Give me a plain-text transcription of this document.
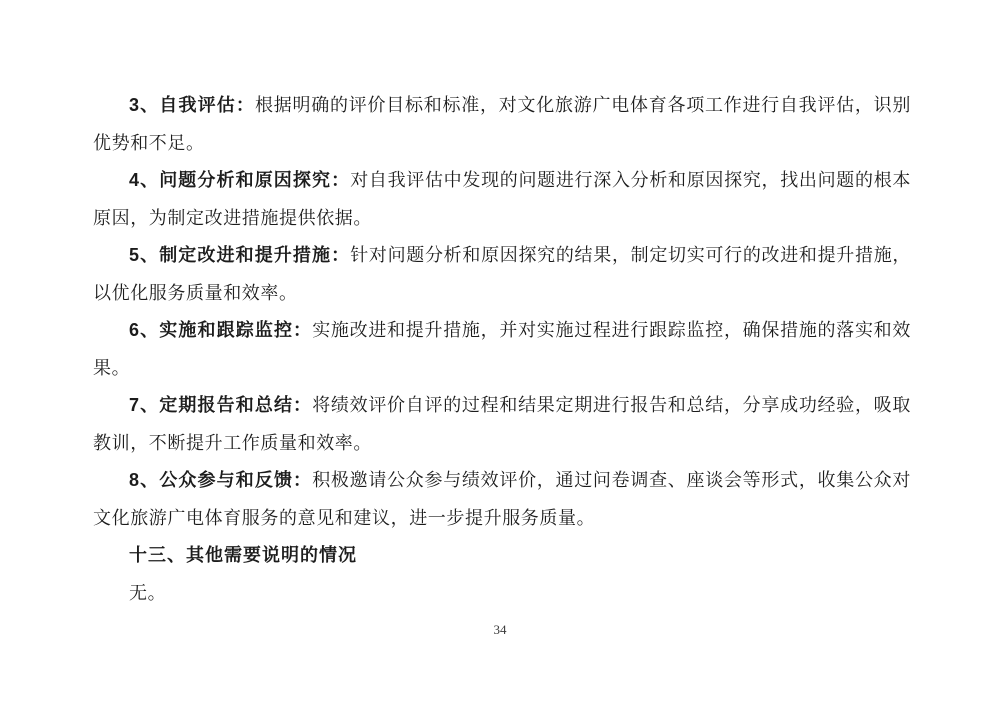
3、自我评估：根据明确的评价目标和标准，对文化旅游广电体育各项工作进行自我评估，识别优势和不足。

4、问题分析和原因探究：对自我评估中发现的问题进行深入分析和原因探究，找出问题的根本原因，为制定改进措施提供依据。

5、制定改进和提升措施：针对问题分析和原因探究的结果，制定切实可行的改进和提升措施，以优化服务质量和效率。

6、实施和跟踪监控：实施改进和提升措施，并对实施过程进行跟踪监控，确保措施的落实和效果。

7、定期报告和总结：将绩效评价自评的过程和结果定期进行报告和总结，分享成功经验，吸取教训，不断提升工作质量和效率。

8、公众参与和反馈：积极邀请公众参与绩效评价，通过问卷调查、座谈会等形式，收集公众对文化旅游广电体育服务的意见和建议，进一步提升服务质量。

十三、其他需要说明的情况

无。

34
